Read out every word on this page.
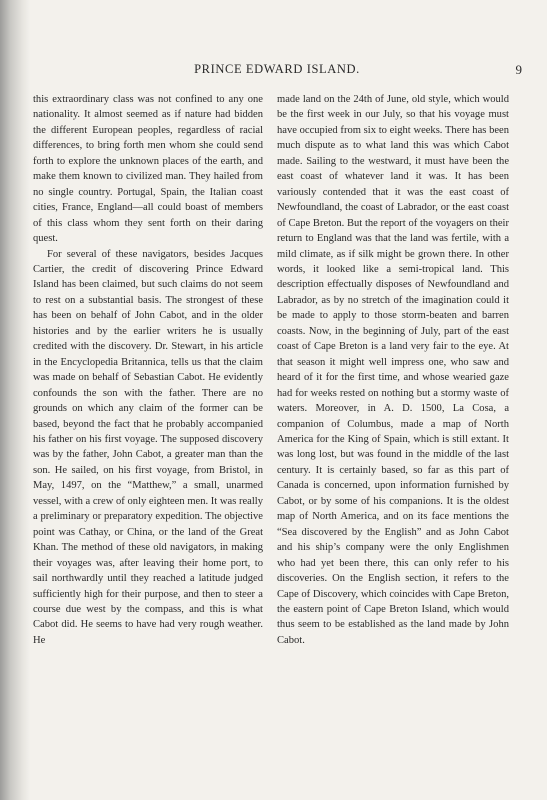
PRINCE EDWARD ISLAND.	9

this extraordinary class was not confined to any one nationality. It almost seemed as if nature had bidden the different European peoples, regardless of racial differences, to bring forth men whom she could send forth to explore the unknown places of the earth, and make them known to civilized man. They hailed from no single country. Portugal, Spain, the Italian coast cities, France, England—all could boast of members of this class whom they sent forth on their daring quest.

For several of these navigators, besides Jacques Cartier, the credit of discovering Prince Edward Island has been claimed, but such claims do not seem to rest on a substantial basis. The strongest of these has been on behalf of John Cabot, and in the older histories and by the earlier writers he is usually credited with the discovery. Dr. Stewart, in his article in the Encyclopedia Britannica, tells us that the claim was made on behalf of Sebastian Cabot. He evidently confounds the son with the father. There are no grounds on which any claim of the former can be based, beyond the fact that he probably accompanied his father on his first voyage. The supposed discovery was by the father, John Cabot, a greater man than the son. He sailed, on his first voyage, from Bristol, in May, 1497, on the “Matthew,” a small, unarmed vessel, with a crew of only eighteen men. It was really a preliminary or preparatory expedition. The objective point was Cathay, or China, or the land of the Great Khan. The method of these old navigators, in making their voyages was, after leaving their home port, to sail northwardly until they reached a latitude judged sufficiently high for their purpose, and then to steer a course due west by the compass, and this is what Cabot did. He seems to have had very rough weather. He

made land on the 24th of June, old style, which would be the first week in our July, so that his voyage must have occupied from six to eight weeks. There has been much dispute as to what land this was which Cabot made. Sailing to the westward, it must have been the east coast of whatever land it was. It has been variously contended that it was the east coast of Newfoundland, the coast of Labrador, or the east coast of Cape Breton. But the report of the voyagers on their return to England was that the land was fertile, with a mild climate, as if silk might be grown there. In other words, it looked like a semi-tropical land. This description effectually disposes of Newfoundland and Labrador, as by no stretch of the imagination could it be made to apply to those storm-beaten and barren coasts. Now, in the beginning of July, part of the east coast of Cape Breton is a land very fair to the eye. At that season it might well impress one, who saw and heard of it for the first time, and whose wearied gaze had for weeks rested on nothing but a stormy waste of waters. Moreover, in A. D. 1500, La Cosa, a companion of Columbus, made a map of North America for the King of Spain, which is still extant. It was long lost, but was found in the middle of the last century. It is certainly based, so far as this part of Canada is concerned, upon information furnished by Cabot, or by some of his companions. It is the oldest map of North America, and on its face mentions the “Sea discovered by the English” and as John Cabot and his ship’s company were the only Englishmen who had yet been there, this can only refer to his discoveries. On the English section, it refers to the Cape of Discovery, which coincides with Cape Breton, the eastern point of Cape Breton Island, which would thus seem to be established as the land made by John Cabot.
